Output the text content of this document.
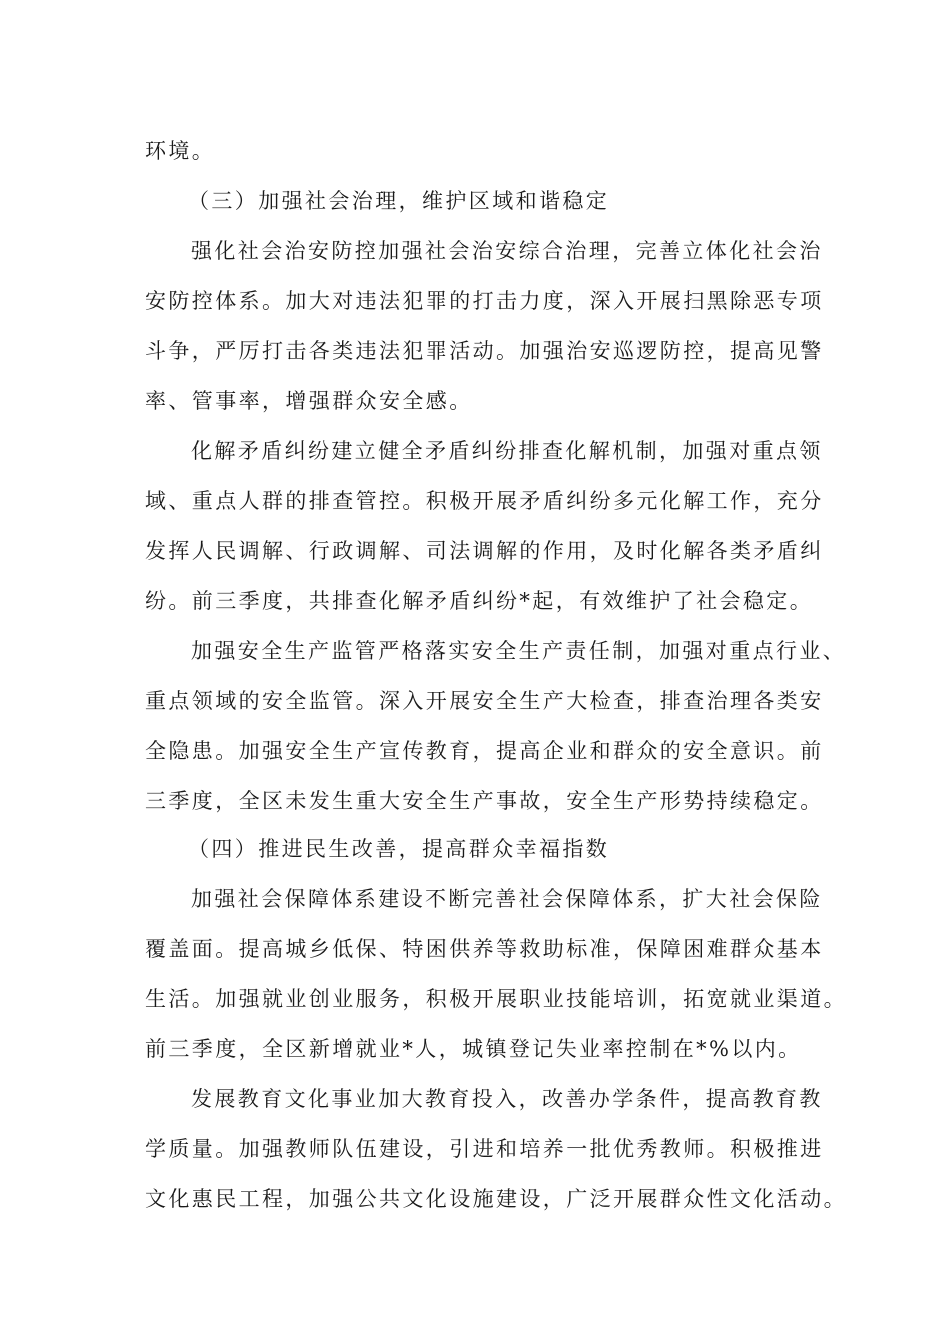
环境。
（三）加强社会治理，维护区域和谐稳定
强化社会治安防控加强社会治安综合治理，完善立体化社会治
安防控体系。加大对违法犯罪的打击力度，深入开展扫黑除恶专项
斗争，严厉打击各类违法犯罪活动。加强治安巡逻防控，提高见警
率、管事率，增强群众安全感。
化解矛盾纠纷建立健全矛盾纠纷排查化解机制，加强对重点领
域、重点人群的排查管控。积极开展矛盾纠纷多元化解工作，充分
发挥人民调解、行政调解、司法调解的作用，及时化解各类矛盾纠
纷。前三季度，共排查化解矛盾纠纷*起，有效维护了社会稳定。
加强安全生产监管严格落实安全生产责任制，加强对重点行业、
重点领域的安全监管。深入开展安全生产大检查，排查治理各类安
全隐患。加强安全生产宣传教育，提高企业和群众的安全意识。前
三季度，全区未发生重大安全生产事故，安全生产形势持续稳定。
（四）推进民生改善，提高群众幸福指数
加强社会保障体系建设不断完善社会保障体系，扩大社会保险
覆盖面。提高城乡低保、特困供养等救助标准，保障困难群众基本
生活。加强就业创业服务，积极开展职业技能培训，拓宽就业渠道。
前三季度，全区新增就业*人，城镇登记失业率控制在*%以内。
发展教育文化事业加大教育投入，改善办学条件，提高教育教
学质量。加强教师队伍建设，引进和培养一批优秀教师。积极推进
文化惠民工程，加强公共文化设施建设，广泛开展群众性文化活动。
